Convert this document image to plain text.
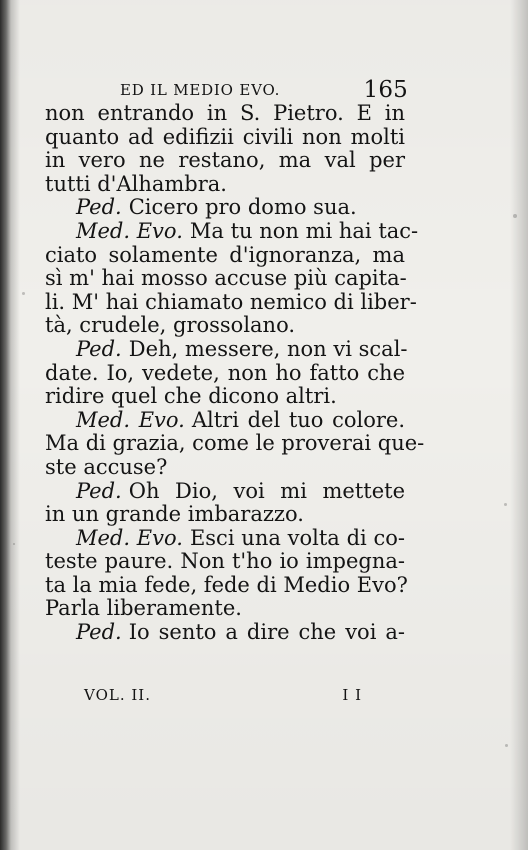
ED IL MEDIO EVO.	165
non entrando in S. Pietro. E in
quanto ad edifizii civili non molti
in vero ne restano, ma val per
tutti d'Alhambra.
Ped. Cicero pro domo sua.
Med. Evo. Ma tu non mi hai tac-
ciato solamente d'ignoranza, ma
sì m' hai mosso accuse più capita-
li. M' hai chiamato nemico di liber-
tà, crudele, grossolano.
Ped. Deh, messere, non vi scal-
date. Io, vedete, non ho fatto che
ridire quel che dicono altri.
Med. Evo. Altri del tuo colore.
Ma di grazia, come le proverai que-
ste accuse?
Ped. Oh Dio, voi mi mettete
in un grande imbarazzo.
Med. Evo. Esci una volta di co-
teste paure. Non t'ho io impegna-
ta la mia fede, fede di Medio Evo?
Parla liberamente.
Ped. Io sento a dire che voi a-
VOL. II.	I I
